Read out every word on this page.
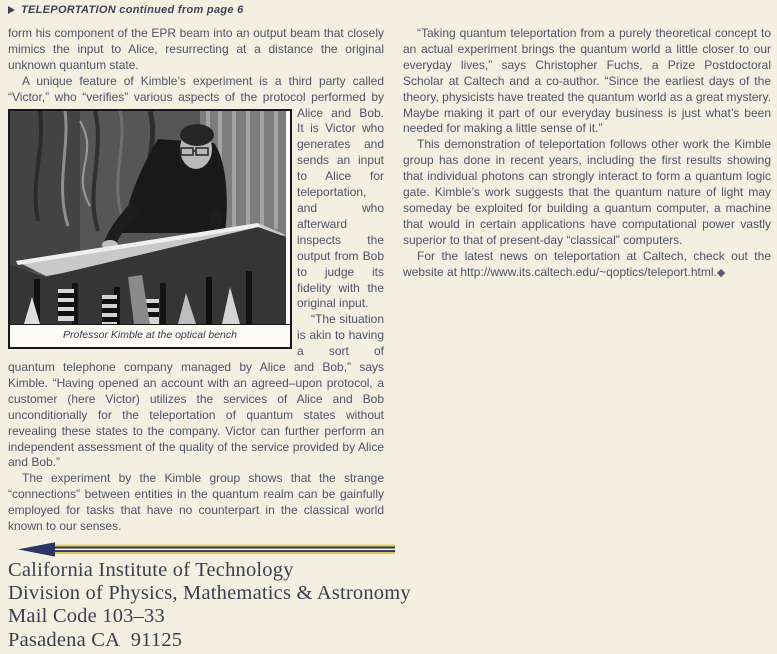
TELEPORTATION continued from page 6

form his component of the EPR beam into an output beam that closely mimics the input to Alice, resurrecting at a distance the original unknown quantum state.

A unique feature of Kimble’s experiment is a third party called “Victor,” who “verifies” various aspects of the protocol
Professor Kimble at the optical bench
performed by Alice and Bob. It is Victor who generates and sends an input to Alice for teleportation, and who afterward inspects the output from Bob to judge its fidelity with the original input.

“The situation is akin to having a sort of quantum telephone company managed by Alice and Bob,” says Kimble. “Having opened an account with an agreed–upon protocol, a customer (here Victor) utilizes the services of Alice and Bob unconditionally for the teleportation of quantum states without revealing these states to the company. Victor can further perform an independent assessment of the quality of the service provided by Alice and Bob.”

The experiment by the Kimble group shows that the strange “connections” between entities in the quantum realm can be gainfully employed for tasks that have no counterpart in the classical world known to our senses.

“Taking quantum teleportation from a purely theoretical concept to an actual experiment brings the quantum world a little closer to our everyday lives,” says Christopher Fuchs, a Prize Postdoctoral Scholar at Caltech and a co-author. “Since the earliest days of the theory, physicists have treated the quantum world as a great mystery. Maybe making it part of our everyday business is just what’s been needed for making a little sense of it.”

This demonstration of teleportation follows other work the Kimble group has done in recent years, including the first results showing that individual photons can strongly interact to form a quantum logic gate. Kimble’s work suggests that the quantum nature of light may someday be exploited for building a quantum computer, a machine that would in certain applications have computational power vastly superior to that of present-day “classical” computers.

For the latest news on teleportation at Caltech, check out the website at http://www.its.caltech.edu/~qoptics/teleport.html.◆

California Institute of Technology
Division of Physics, Mathematics & Astronomy
Mail Code 103–33
Pasadena CA  91125
